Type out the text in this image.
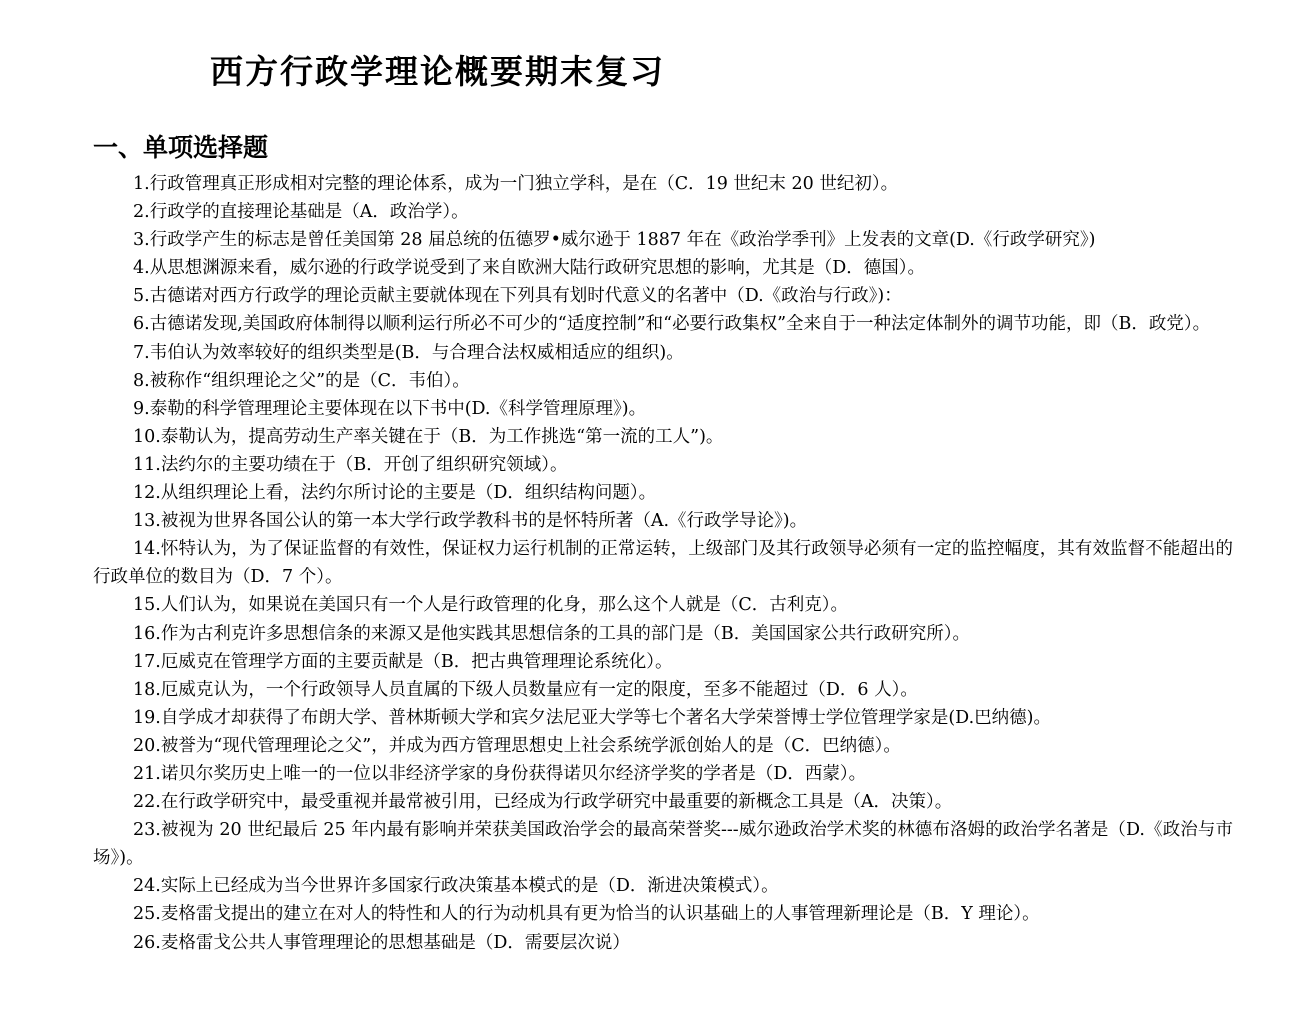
西方行政学理论概要期末复习
一、单项选择题
1.行政管理真正形成相对完整的理论体系，成为一门独立学科，是在（C．19 世纪末 20 世纪初）。
2.行政学的直接理论基础是（A．政治学）。
3.行政学产生的标志是曾任美国第 28 届总统的伍德罗•威尔逊于 1887 年在《政治学季刊》上发表的文章(D.《行政学研究》)
4.从思想渊源来看，威尔逊的行政学说受到了来自欧洲大陆行政研究思想的影响，尤其是（D．德国）。
5.古德诺对西方行政学的理论贡献主要就体现在下列具有划时代意义的名著中（D.《政治与行政》)：
6.古德诺发现,美国政府体制得以顺利运行所必不可少的“适度控制”和“必要行政集权”全来自于一种法定体制外的调节功能，即（B．政党）。
7.韦伯认为效率较好的组织类型是(B．与合理合法权威相适应的组织)。
8.被称作“组织理论之父”的是（C．韦伯）。
9.泰勒的科学管理理论主要体现在以下书中(D.《科学管理原理》)。
10.泰勒认为，提高劳动生产率关键在于（B．为工作挑选“第一流的工人”)。
11.法约尔的主要功绩在于（B．开创了组织研究领域）。
12.从组织理论上看，法约尔所讨论的主要是（D．组织结构问题）。
13.被视为世界各国公认的第一本大学行政学教科书的是怀特所著（A.《行政学导论》)。
14.怀特认为，为了保证监督的有效性，保证权力运行机制的正常运转，上级部门及其行政领导必须有一定的监控幅度，其有效监督不能超出的行政单位的数目为（D．7 个）。
15.人们认为，如果说在美国只有一个人是行政管理的化身，那么这个人就是（C．古利克）。
16.作为古利克许多思想信条的来源又是他实践其思想信条的工具的部门是（B．美国国家公共行政研究所）。
17.厄威克在管理学方面的主要贡献是（B．把古典管理理论系统化）。
18.厄威克认为，一个行政领导人员直属的下级人员数量应有一定的限度，至多不能超过（D．6 人）。
19.自学成才却获得了布朗大学、普林斯顿大学和宾夕法尼亚大学等七个著名大学荣誉博士学位管理学家是(D.巴纳德)。
20.被誉为“现代管理理论之父”，并成为西方管理思想史上社会系统学派创始人的是（C．巴纳德）。
21.诺贝尔奖历史上唯一的一位以非经济学家的身份获得诺贝尔经济学奖的学者是（D．西蒙）。
22.在行政学研究中，最受重视并最常被引用，已经成为行政学研究中最重要的新概念工具是（A．决策）。
23.被视为 20 世纪最后 25 年内最有影响并荣获美国政治学会的最高荣誉奖---威尔逊政治学术奖的林德布洛姆的政治学名著是（D.《政治与市场》)。
24.实际上已经成为当今世界许多国家行政决策基本模式的是（D．渐进决策模式）。
25.麦格雷戈提出的建立在对人的特性和人的行为动机具有更为恰当的认识基础上的人事管理新理论是（B．Y 理论）。
26.麦格雷戈公共人事管理理论的思想基础是（D．需要层次说）
